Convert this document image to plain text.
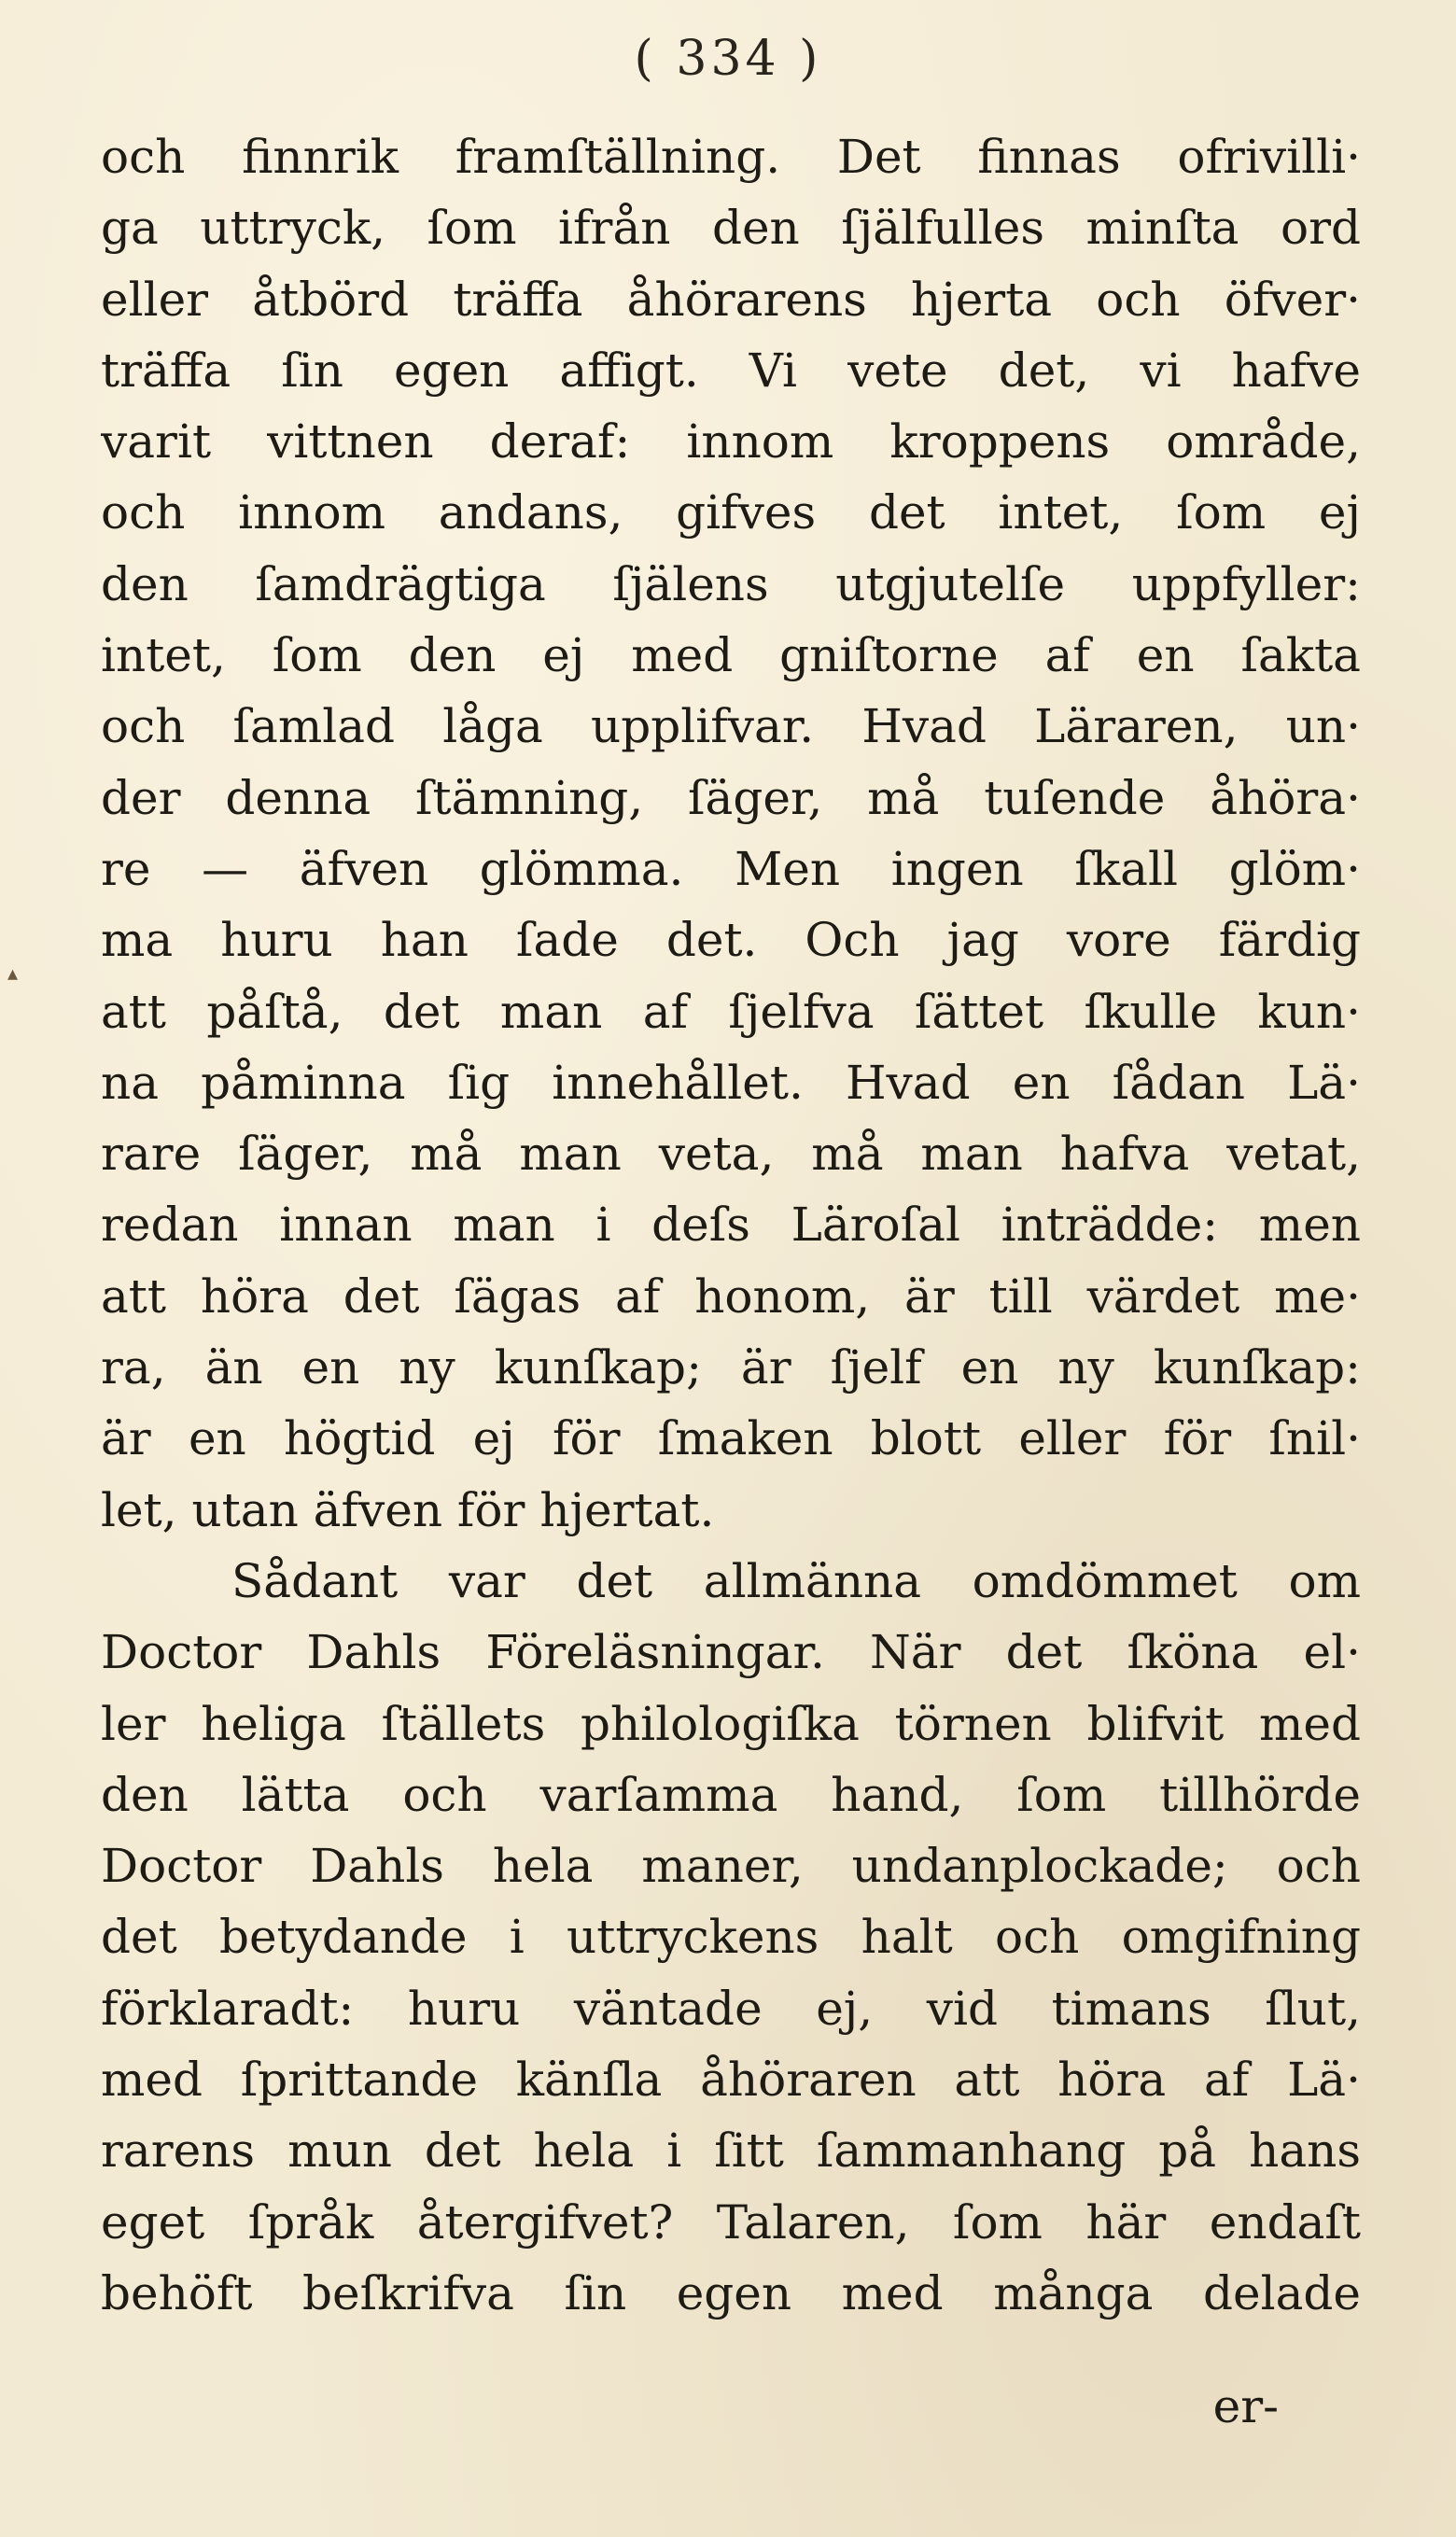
( 334 )
och finnrik framſtällning. Det finnas ofrivilli·
ga uttryck, ſom ifrån den ſjälfulles minſta ord
eller åtbörd träffa åhörarens hjerta och öfver·
träffa ſin egen affigt. Vi vete det, vi hafve
varit vittnen deraf: innom kroppens område,
och innom andans, gifves det intet, ſom ej
den ſamdrägtiga ſjälens utgjutelſe uppfyller:
intet, ſom den ej med gniſtorne af en ſakta
och ſamlad låga upplifvar. Hvad Läraren, un·
der denna ſtämning, ſäger, må tuſende åhöra·
re — äfven glömma. Men ingen ſkall glöm·
ma huru han ſade det. Och jag vore färdig
att påſtå, det man af ſjelfva ſättet ſkulle kun·
na påminna ſig innehållet. Hvad en ſådan Lä·
rare ſäger, må man veta, må man hafva vetat,
redan innan man i deſs Läroſal inträdde: men
att höra det ſägas af honom, är till värdet me·
ra, än en ny kunſkap; är ſjelf en ny kunſkap:
är en högtid ej för ſmaken blott eller för ſnil·
let, utan äfven för hjertat.
Sådant var det allmänna omdömmet om
Doctor Dahls Föreläsningar. När det ſköna el·
ler heliga ſtällets philologiſka törnen blifvit med
den lätta och varſamma hand, ſom tillhörde
Doctor Dahls hela maner, undanplockade; och
det betydande i uttryckens halt och omgifning
förklaradt: huru väntade ej, vid timans ſlut,
med ſprittande känſla åhöraren att höra af Lä·
rarens mun det hela i ſitt ſammanhang på hans
eget ſpråk återgifvet? Talaren, ſom här endaſt
behöft beſkrifva ſin egen med många delade
er-
▴
